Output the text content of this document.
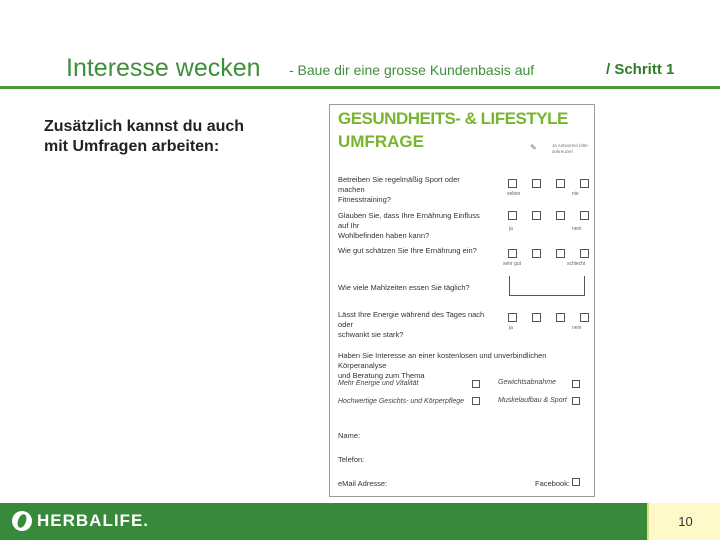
Interesse wecken - Baue dir eine grosse Kundenbasis auf	/ Schritt 1
Zusätzlich kannst du auch
mit Umfragen arbeiten:
GESUNDHEITS- & LIFESTYLE
UMFRAGE	✎	Ja Antworten bitte ankreuzen
Betreiben Sie regelmäßig Sport oder machen
Fitnesstraining?
selten	nie
Glauben Sie, dass Ihre Ernährung Einfluss auf Ihr
Wohlbefinden haben kann?
ja	nein
Wie gut schätzen Sie Ihre Ernährung ein?
sehr gut	schlecht
Wie viele Mahlzeiten essen Sie täglich?
Lässt Ihre Energie während des Tages nach oder
schwankt sie stark?
ja	nein
Haben Sie Interesse an einer kostenlosen und unverbindlichen Körperanalyse
und Beratung zum Thema
Mehr Energie und Vitalität	Gewichtsabnahme
Hochwertige Gesichts- und Körperpflege	Muskelaufbau & Sport
Name:
Telefon:
eMail Adresse:	Facebook:
HERBALIFE.	10
